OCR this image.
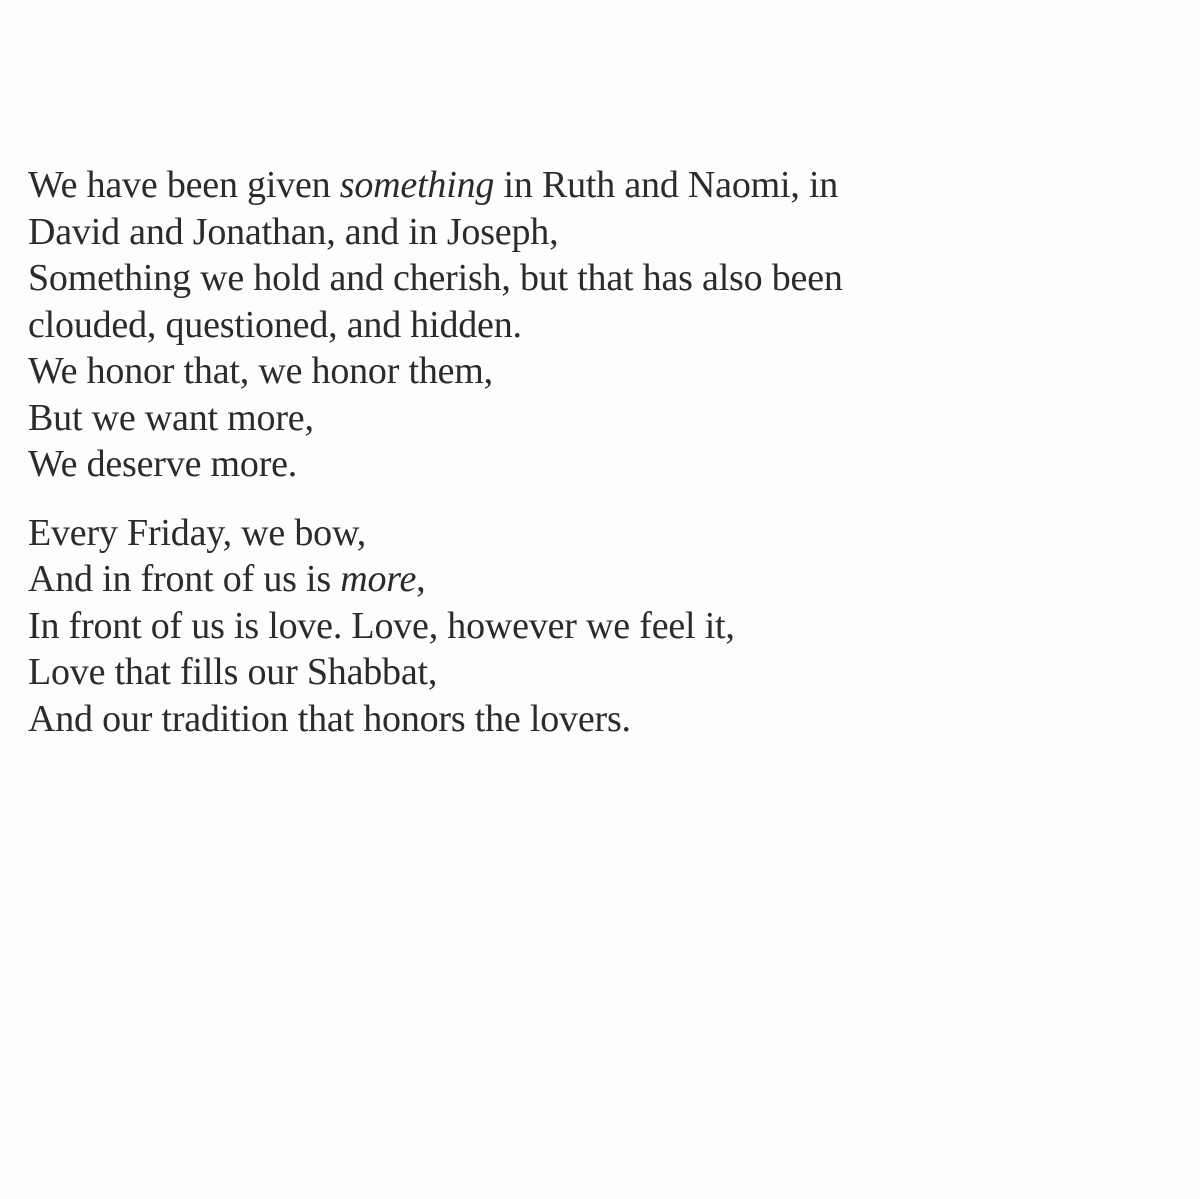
We have been given something in Ruth and Naomi, in
David and Jonathan, and in Joseph,
Something we hold and cherish, but that has also been
clouded, questioned, and hidden.
We honor that, we honor them,
But we want more,
We deserve more.
Every Friday, we bow,
And in front of us is more,
In front of us is love. Love, however we feel it,
Love that fills our Shabbat,
And our tradition that honors the lovers.
